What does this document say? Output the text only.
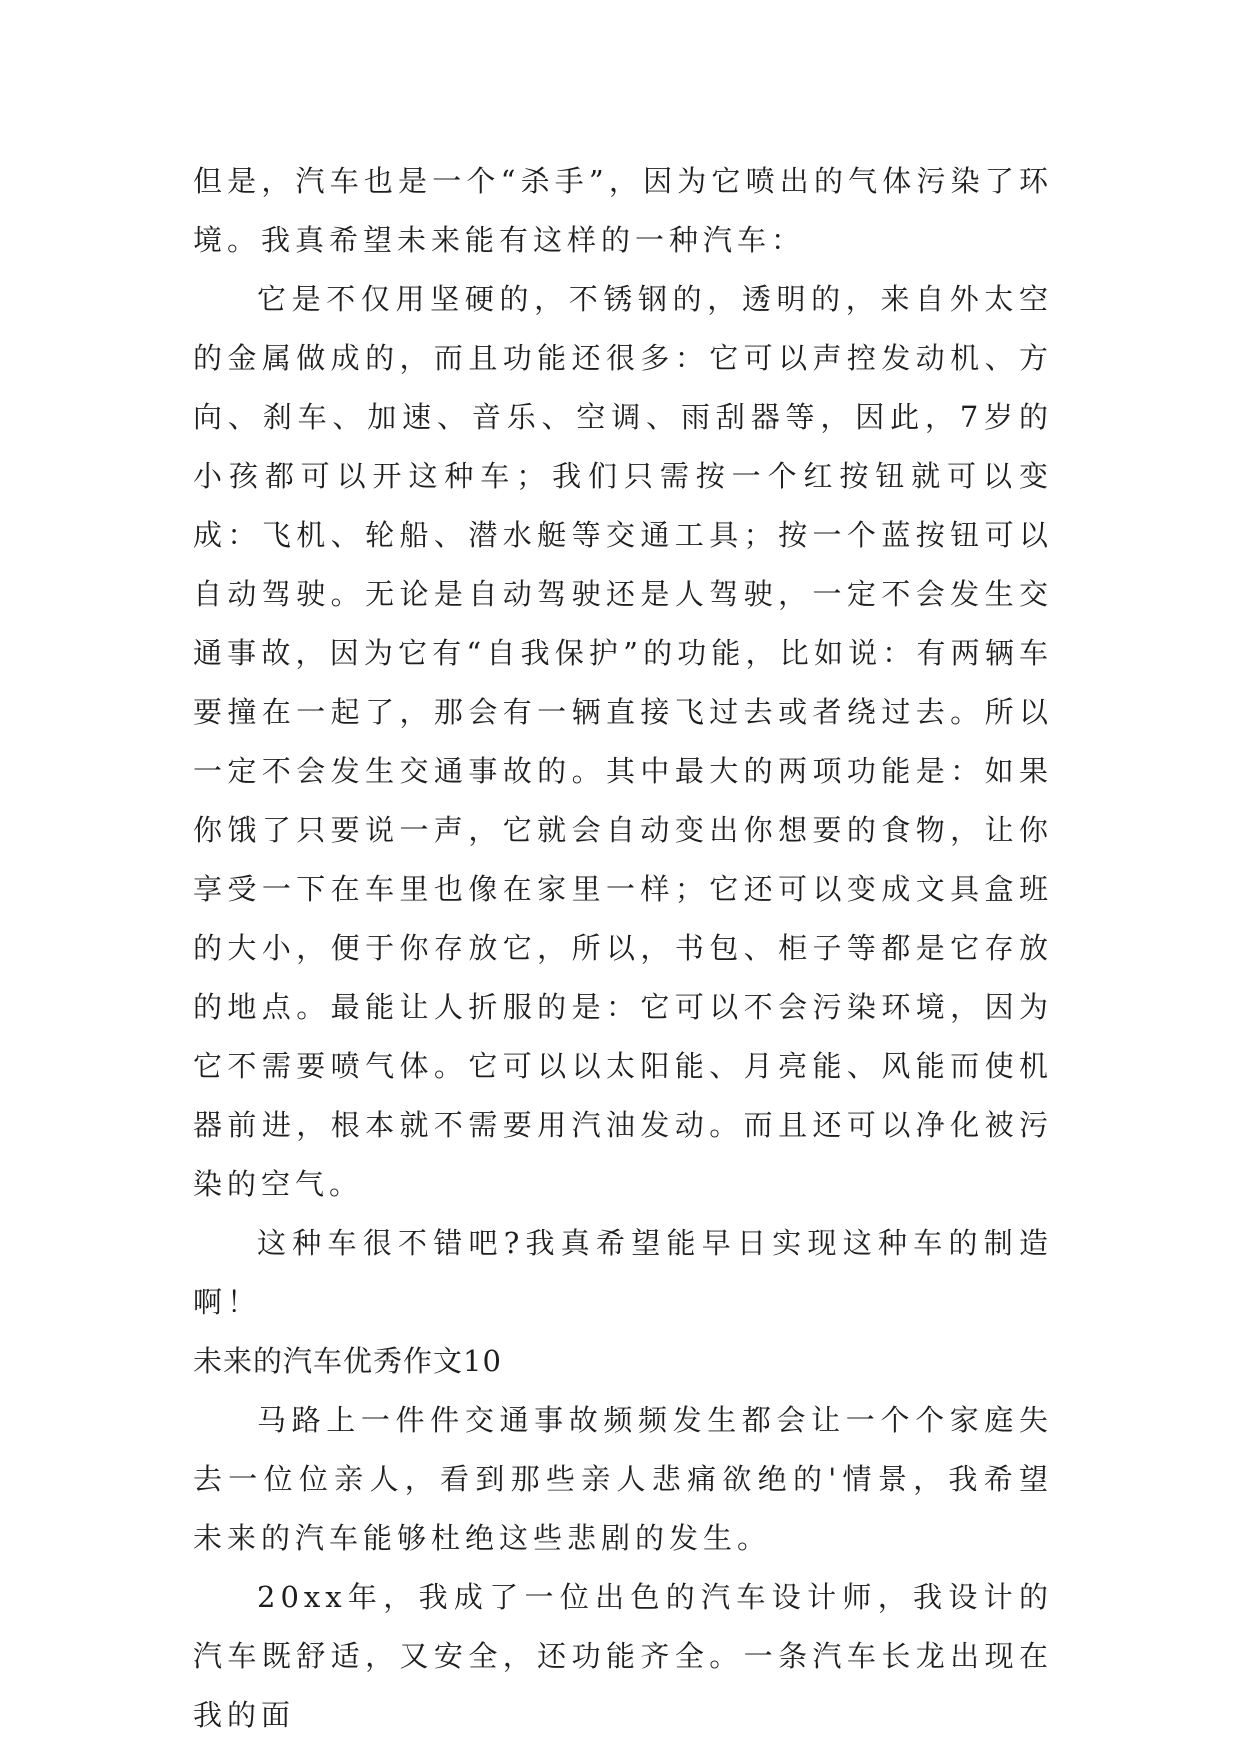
但是，汽车也是一个“杀手”，因为它喷出的气体污染了环境。我真希望未来能有这样的一种汽车：

它是不仅用坚硬的，不锈钢的，透明的，来自外太空的金属做成的，而且功能还很多：它可以声控发动机、方向、刹车、加速、音乐、空调、雨刮器等，因此，7岁的小孩都可以开这种车；我们只需按一个红按钮就可以变成：飞机、轮船、潜水艇等交通工具；按一个蓝按钮可以自动驾驶。无论是自动驾驶还是人驾驶，一定不会发生交通事故，因为它有“自我保护”的功能，比如说：有两辆车要撞在一起了，那会有一辆直接飞过去或者绕过去。所以一定不会发生交通事故的。其中最大的两项功能是：如果你饿了只要说一声，它就会自动变出你想要的食物，让你享受一下在车里也像在家里一样；它还可以变成文具盒班的大小，便于你存放它，所以，书包、柜子等都是它存放的地点。最能让人折服的是：它可以不会污染环境，因为它不需要喷气体。它可以以太阳能、月亮能、风能而使机器前进，根本就不需要用汽油发动。而且还可以净化被污染的空气。

这种车很不错吧?我真希望能早日实现这种车的制造啊！

未来的汽车优秀作文10

马路上一件件交通事故频频发生都会让一个个家庭失去一位位亲人，看到那些亲人悲痛欲绝的'情景，我希望未来的汽车能够杜绝这些悲剧的发生。

20xx年，我成了一位出色的汽车设计师，我设计的汽车既舒适，又安全，还功能齐全。一条汽车长龙出现在我的面
